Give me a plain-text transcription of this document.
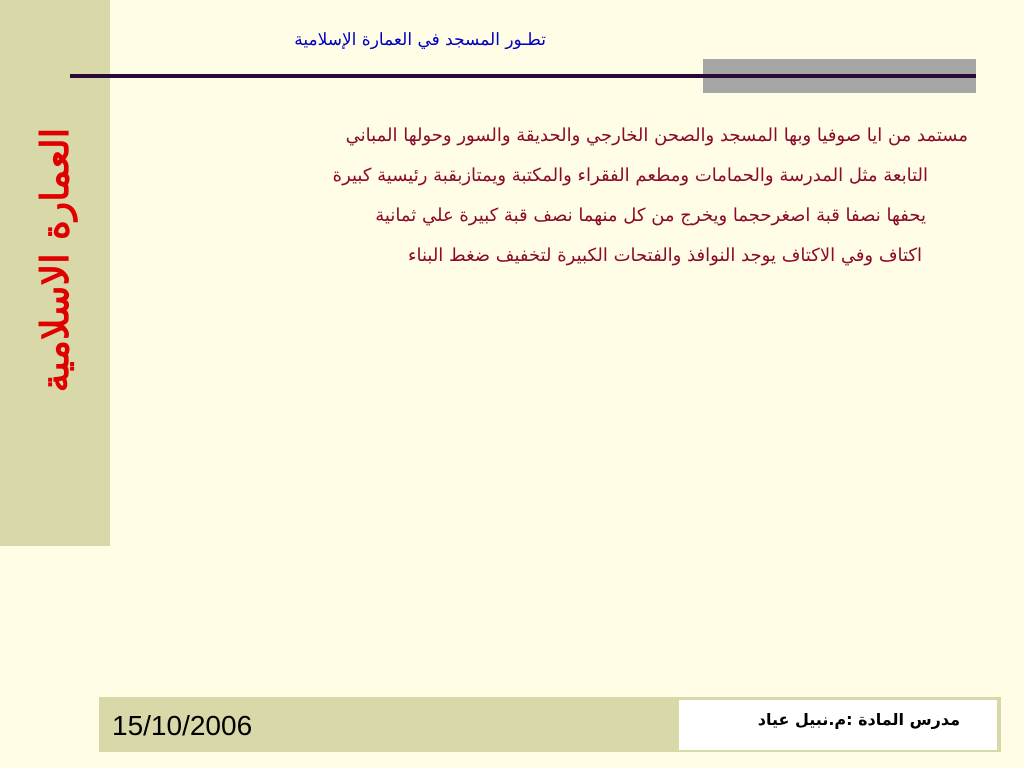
العمارة الاسلامية
تطـور المسجد في العمارة الإسلامية
مستمد من ايا صوفيا وبها المسجد والصحن الخارجي والحديقة والسور وحولها المباني
التابعة مثل المدرسة والحمامات ومطعم الفقراء والمكتبة ويمتازبقبة رئيسية كبيرة
يحفها نصفا قبة اصغرحجما ويخرج من كل منهما نصف قبة كبيرة علي ثمانية
اكتاف وفي الاكتاف يوجد النوافذ والفتحات الكبيرة لتخفيف ضغط البناء
15/10/2006	مدرس المادة :م.نبيل عياد
